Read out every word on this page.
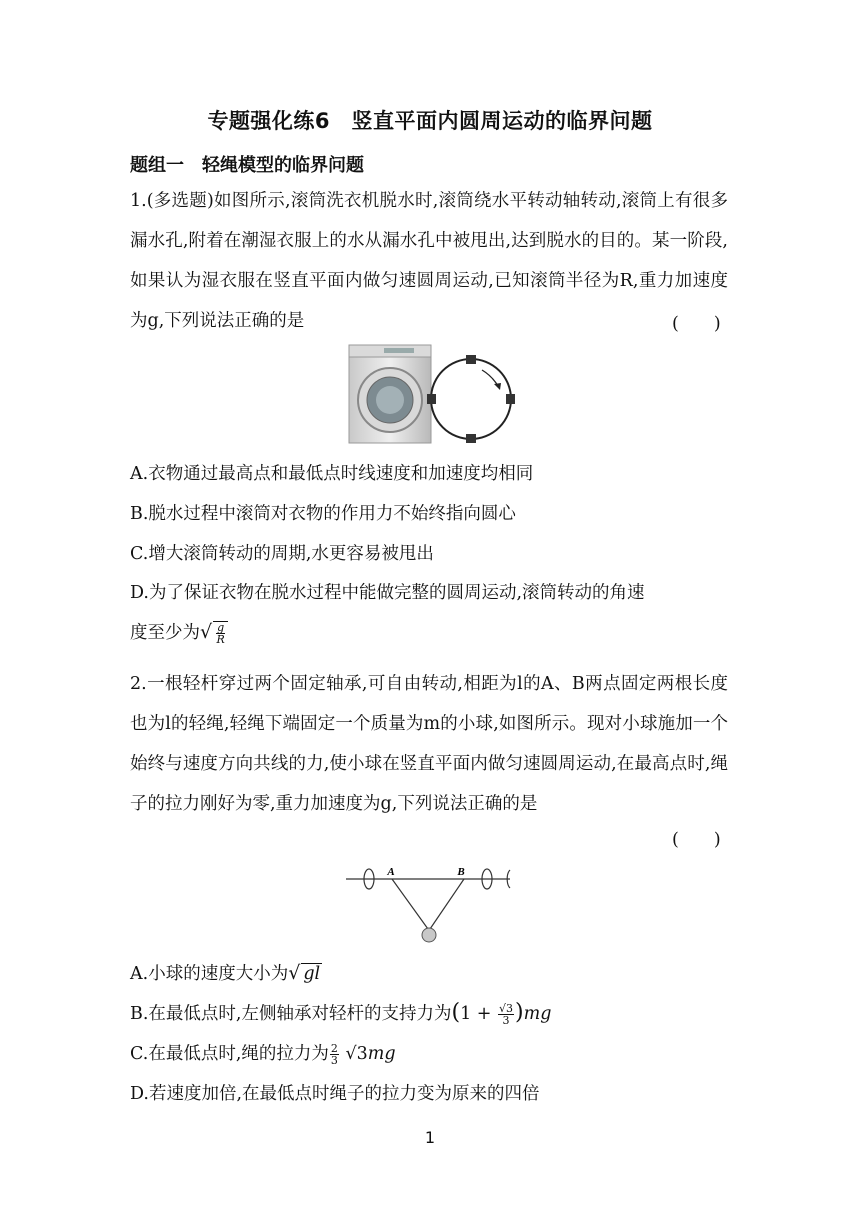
专题强化练6　竖直平面内圆周运动的临界问题
题组一　轻绳模型的临界问题
1.(多选题)如图所示,滚筒洗衣机脱水时,滚筒绕水平转动轴转动,滚筒上有很多漏水孔,附着在潮湿衣服上的水从漏水孔中被甩出,达到脱水的目的。某一阶段,如果认为湿衣服在竖直平面内做匀速圆周运动,已知滚筒半径为R,重力加速度为g,下列说法正确的是	(　　)
A.衣物通过最高点和最低点时线速度和加速度均相同
B.脱水过程中滚筒对衣物的作用力不始终指向圆心
C.增大滚筒转动的周期,水更容易被甩出
D.为了保证衣物在脱水过程中能做完整的圆周运动,滚筒转动的角速
度至少为√ $\frac{g}{R}$
2.一根轻杆穿过两个固定轴承,可自由转动,相距为l的A、B两点固定两根长度也为l的轻绳,轻绳下端固定一个质量为m的小球,如图所示。现对小球施加一个始终与速度方向共线的力,使小球在竖直平面内做匀速圆周运动,在最高点时,绳子的拉力刚好为零,重力加速度为g,下列说法正确的是
(　　)
A	B
A.小球的速度大小为√ gl
B.在最低点时,左侧轴承对轻杆的支持力为$(1 + \frac{√3}{3} )mg$
C.在最低点时,绳的拉力为 $\frac{2}{3} √3mg$
D.若速度加倍,在最低点时绳子的拉力变为原来的四倍
1
